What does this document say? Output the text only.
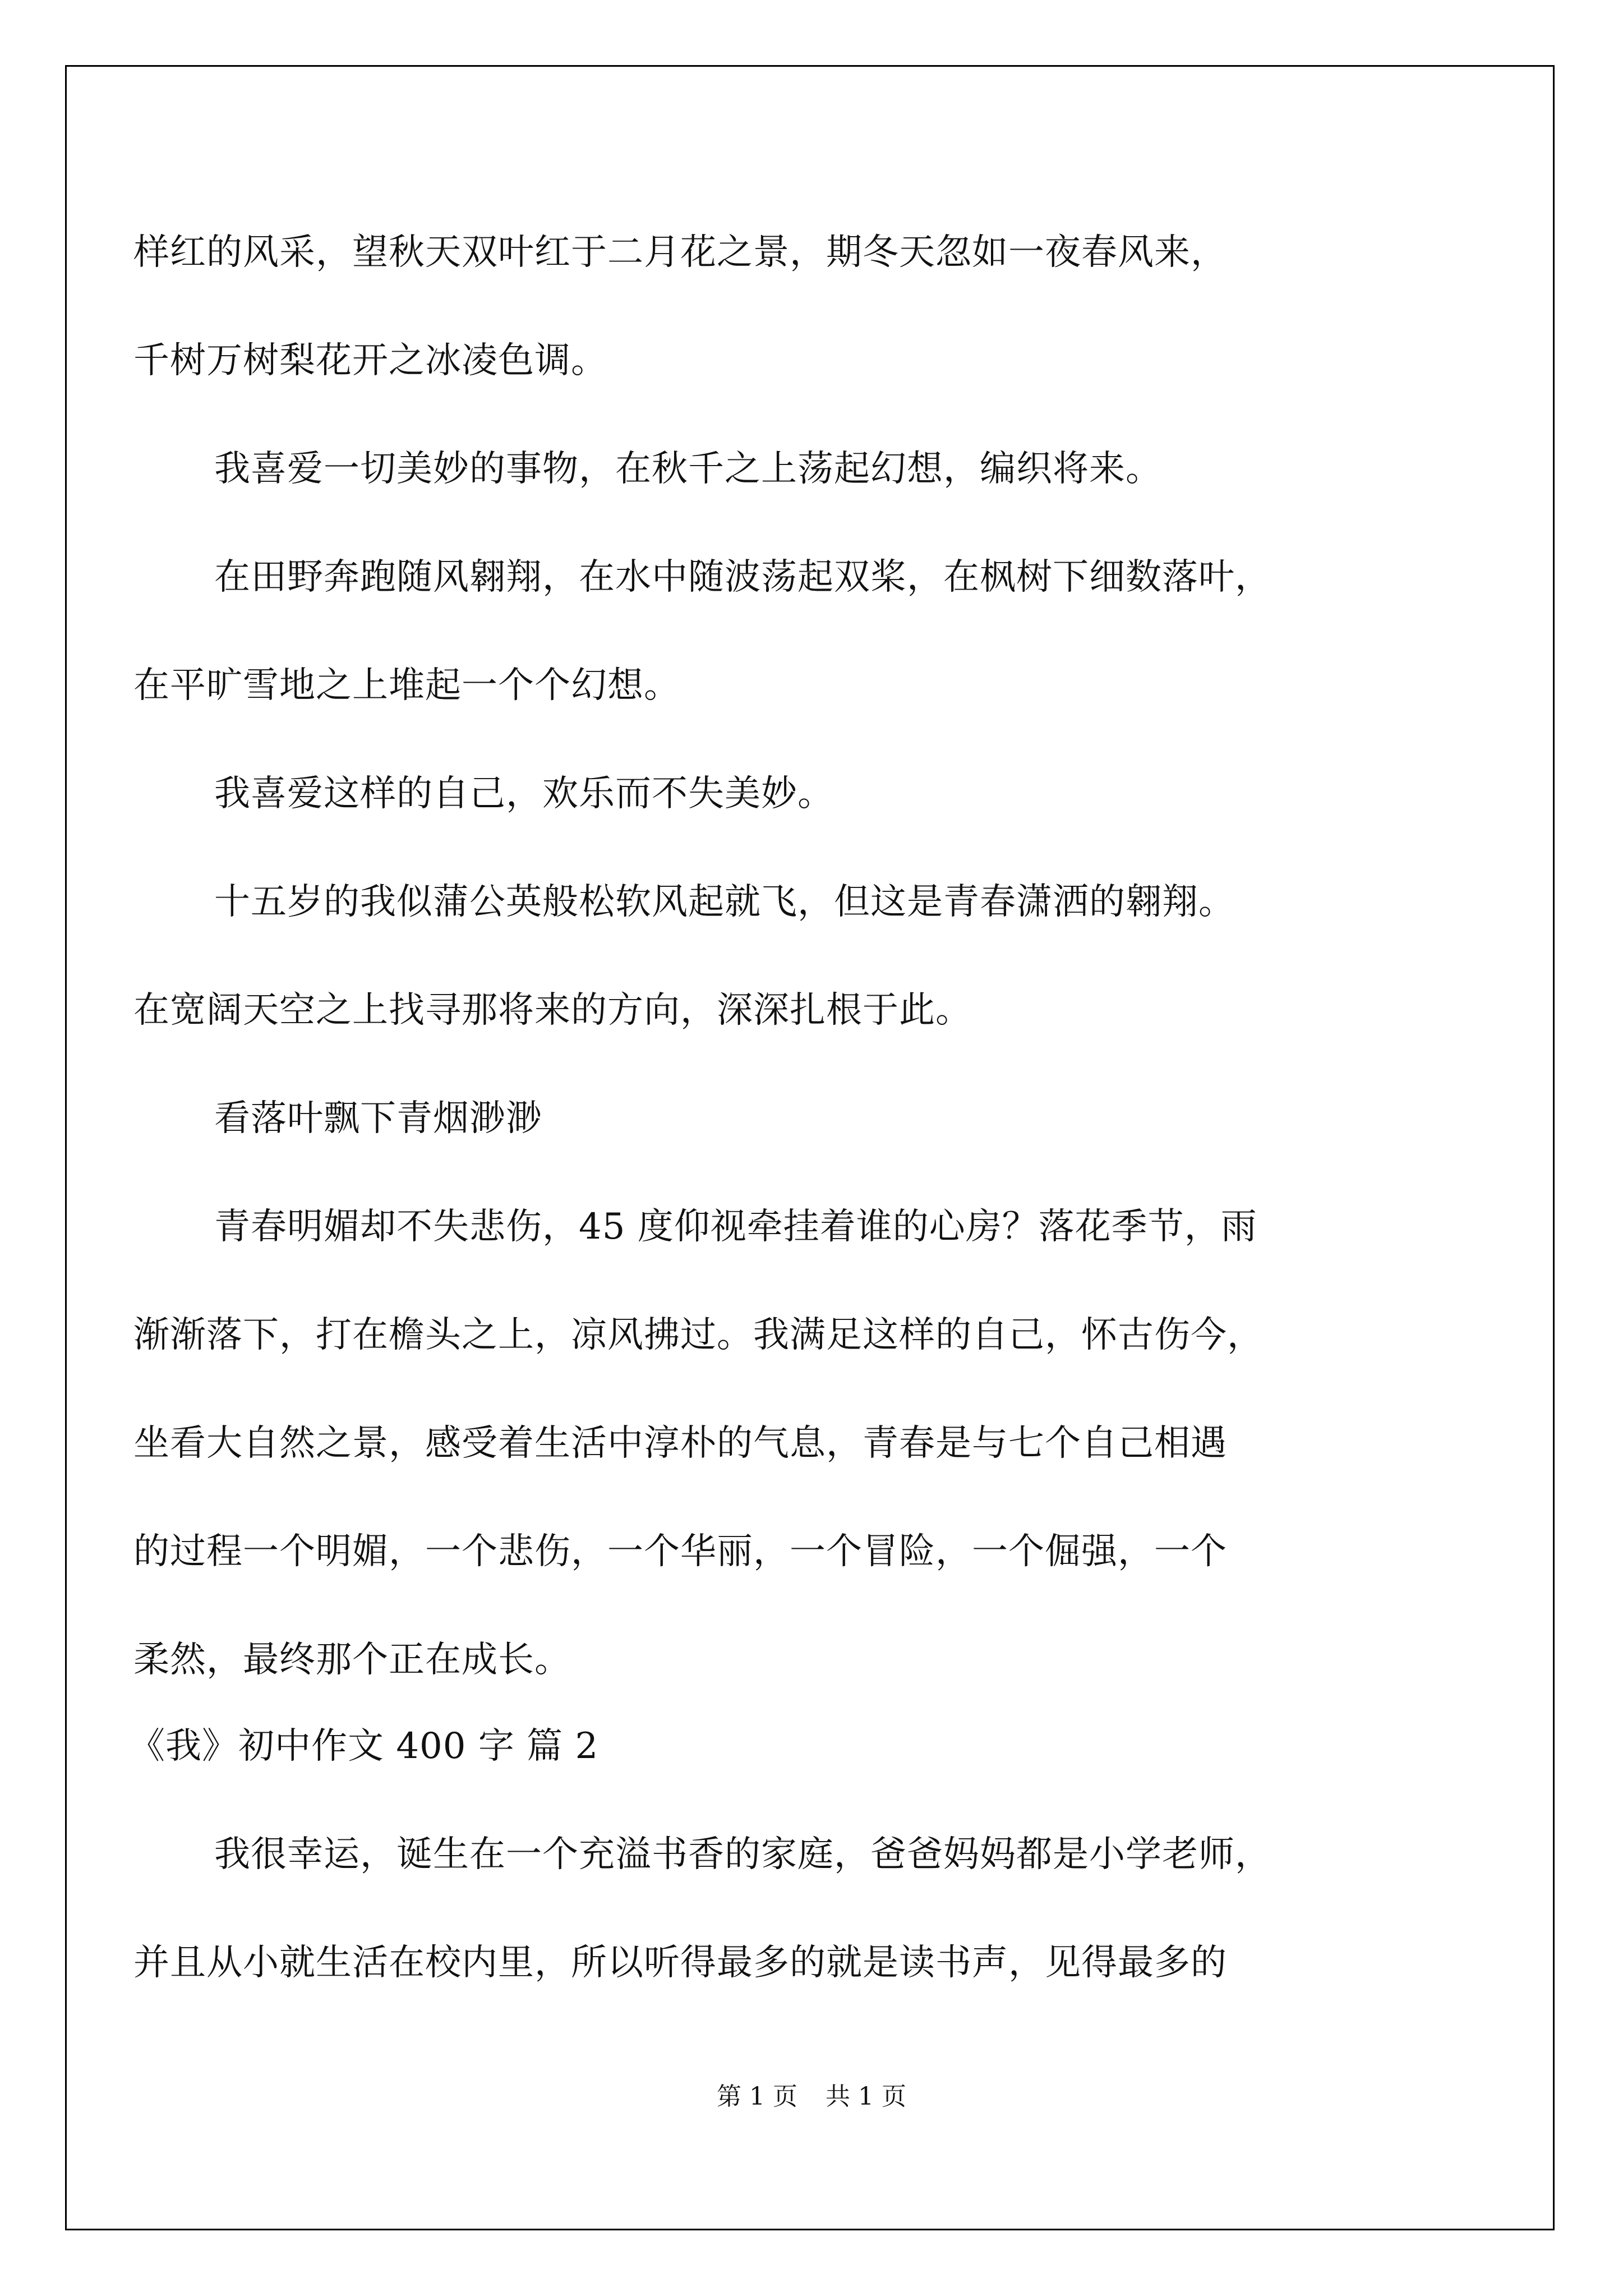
样红的风采，望秋天双叶红于二月花之景，期冬天忽如一夜春风来，
千树万树梨花开之冰凌色调。
我喜爱一切美妙的事物，在秋千之上荡起幻想，编织将来。
在田野奔跑随风翱翔，在水中随波荡起双桨，在枫树下细数落叶，
在平旷雪地之上堆起一个个幻想。
我喜爱这样的自己，欢乐而不失美妙。
十五岁的我似蒲公英般松软风起就飞，但这是青春潇洒的翱翔。
在宽阔天空之上找寻那将来的方向，深深扎根于此。
看落叶飘下青烟渺渺
青春明媚却不失悲伤，45 度仰视牵挂着谁的心房？落花季节，雨
渐渐落下，打在檐头之上，凉风拂过。我满足这样的自己，怀古伤今，
坐看大自然之景，感受着生活中淳朴的气息，青春是与七个自己相遇
的过程一个明媚，一个悲伤，一个华丽，一个冒险，一个倔强，一个
柔然，最终那个正在成长。
《我》初中作文 400 字 篇 2
我很幸运，诞生在一个充溢书香的家庭，爸爸妈妈都是小学老师，
并且从小就生活在校内里，所以听得最多的就是读书声，见得最多的
第 1 页 共 1 页
